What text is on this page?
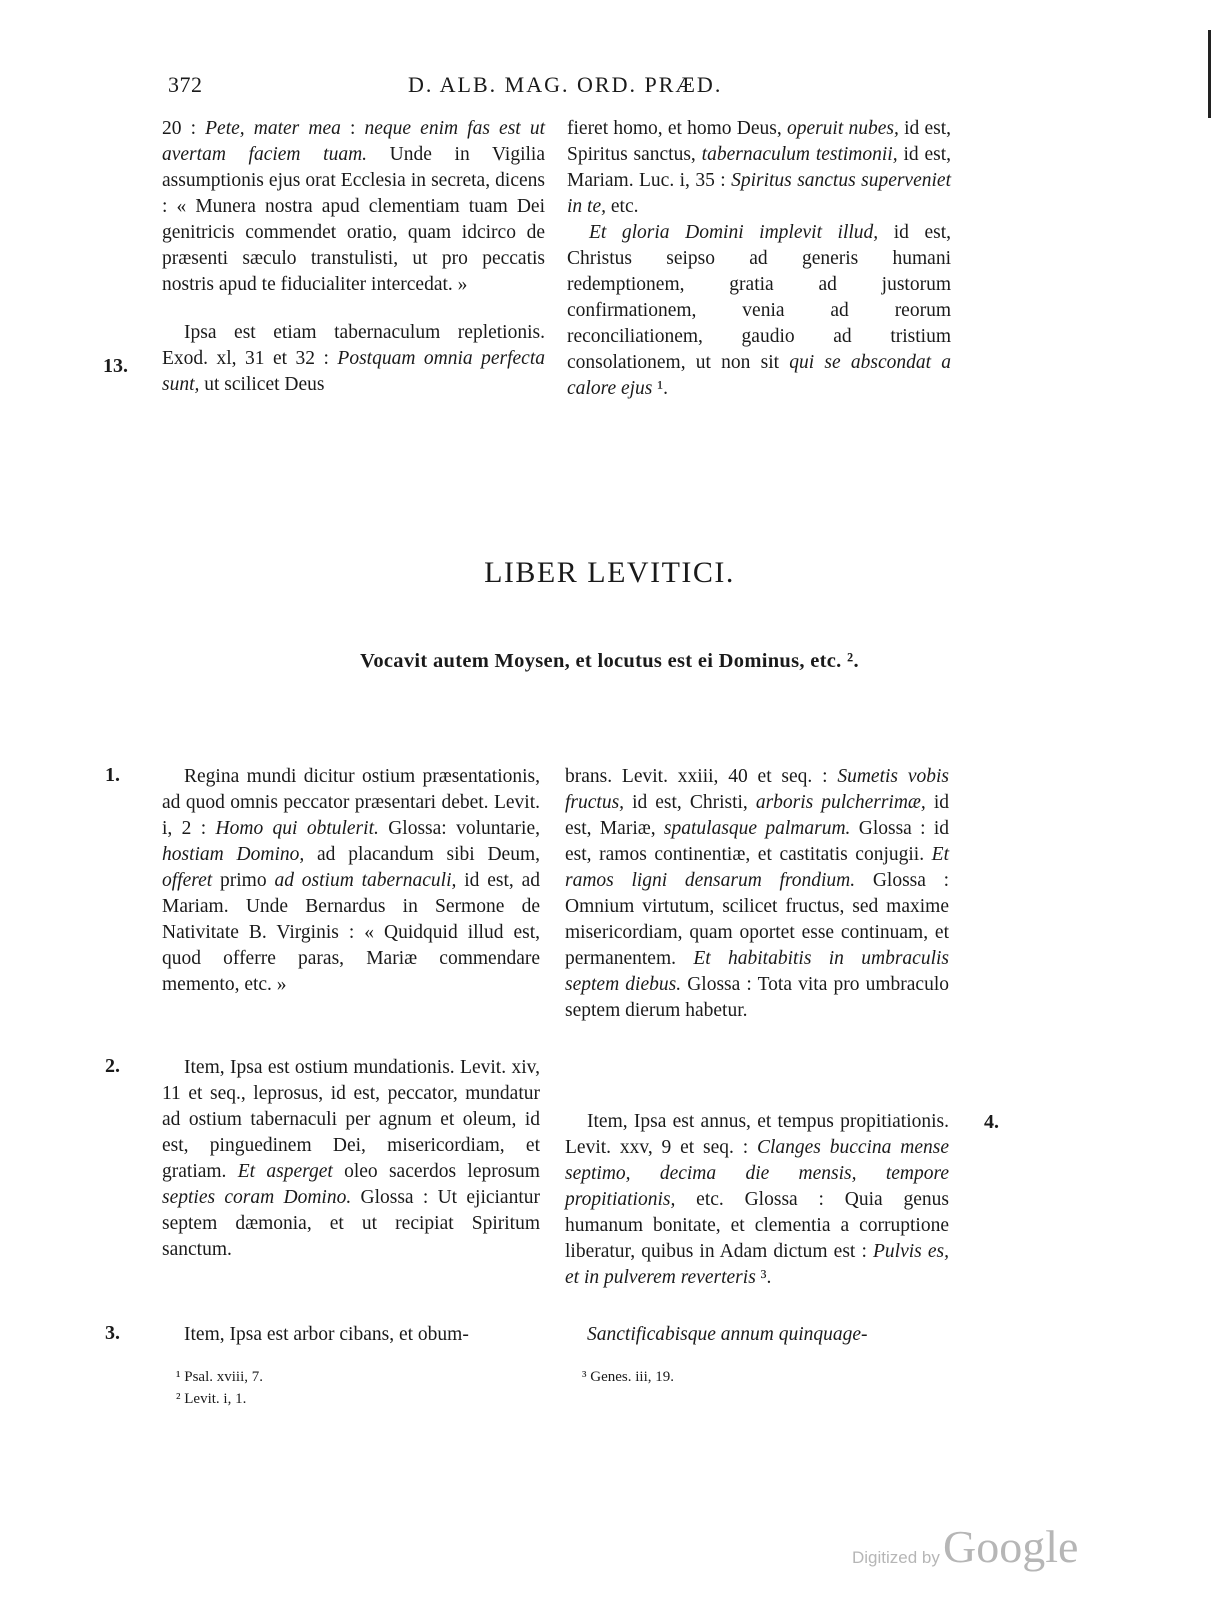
372	D. ALB. MAG. ORD. PRÆD.

20 : Pete, mater mea : neque enim fas est ut avertam faciem tuam. Unde in Vigilia assumptionis ejus orat Ecclesia in secreta, dicens : « Munera nostra apud clementiam tuam Dei genitricis commendet oratio, quam idcirco de præsenti sæculo transtulisti, ut pro peccatis nostris apud te fiducialiter intercedat. »

Ipsa est etiam tabernaculum repletionis. Exod. xl, 31 et 32 : Postquam omnia perfecta sunt, ut scilicet Deus

13.

fieret homo, et homo Deus, operuit nubes, id est, Spiritus sanctus, tabernaculum testimonii, id est, Mariam. Luc. i, 35 : Spiritus sanctus superveniet in te, etc.

Et gloria Domini implevit illud, id est, Christus seipso ad generis humani redemptionem, gratia ad justorum confirmationem, venia ad reorum reconciliationem, gaudio ad tristium consolationem, ut non sit qui se abscondat a calore ejus ¹.

LIBER LEVITICI.
Vocavit autem Moysen, et locutus est ei Dominus, etc. ².
1.
2.
3.

Regina mundi dicitur ostium præsentationis, ad quod omnis peccator præsentari debet. Levit. i, 2 : Homo qui obtulerit. Glossa: voluntarie, hostiam Domino, ad placandum sibi Deum, offeret primo ad ostium tabernaculi, id est, ad Mariam. Unde Bernardus in Sermone de Nativitate B. Virginis : « Quidquid illud est, quod offerre paras, Mariæ commendare memento, etc. »

Item, Ipsa est ostium mundationis. Levit. xiv, 11 et seq., leprosus, id est, peccator, mundatur ad ostium tabernaculi per agnum et oleum, id est, pinguedinem Dei, misericordiam, et gratiam. Et asperget oleo sacerdos leprosum septies coram Domino. Glossa : Ut ejiciantur septem dæmonia, et ut recipiat Spiritum sanctum.

Item, Ipsa est arbor cibans, et obum-

4.

brans. Levit. xxiii, 40 et seq. : Sumetis vobis fructus, id est, Christi, arboris pulcherrimæ, id est, Mariæ, spatulasque palmarum. Glossa : id est, ramos continentiæ, et castitatis conjugii. Et ramos ligni densarum frondium. Glossa : Omnium virtutum, scilicet fructus, sed maxime misericordiam, quam oportet esse continuam, et permanentem. Et habitabitis in umbraculis septem diebus. Glossa : Tota vita pro umbraculo septem dierum habetur.

Item, Ipsa est annus, et tempus propitiationis. Levit. xxv, 9 et seq. : Clanges buccina mense septimo, decima die mensis, tempore propitiationis, etc. Glossa : Quia genus humanum bonitate, et clementia a corruptione liberatur, quibus in Adam dictum est : Pulvis es, et in pulverem reverteris ³.

Sanctificabisque annum quinquage-

¹ Psal. xviii, 7.
² Levit. i, 1.
³ Genes. iii, 19.
Digitized by Google
